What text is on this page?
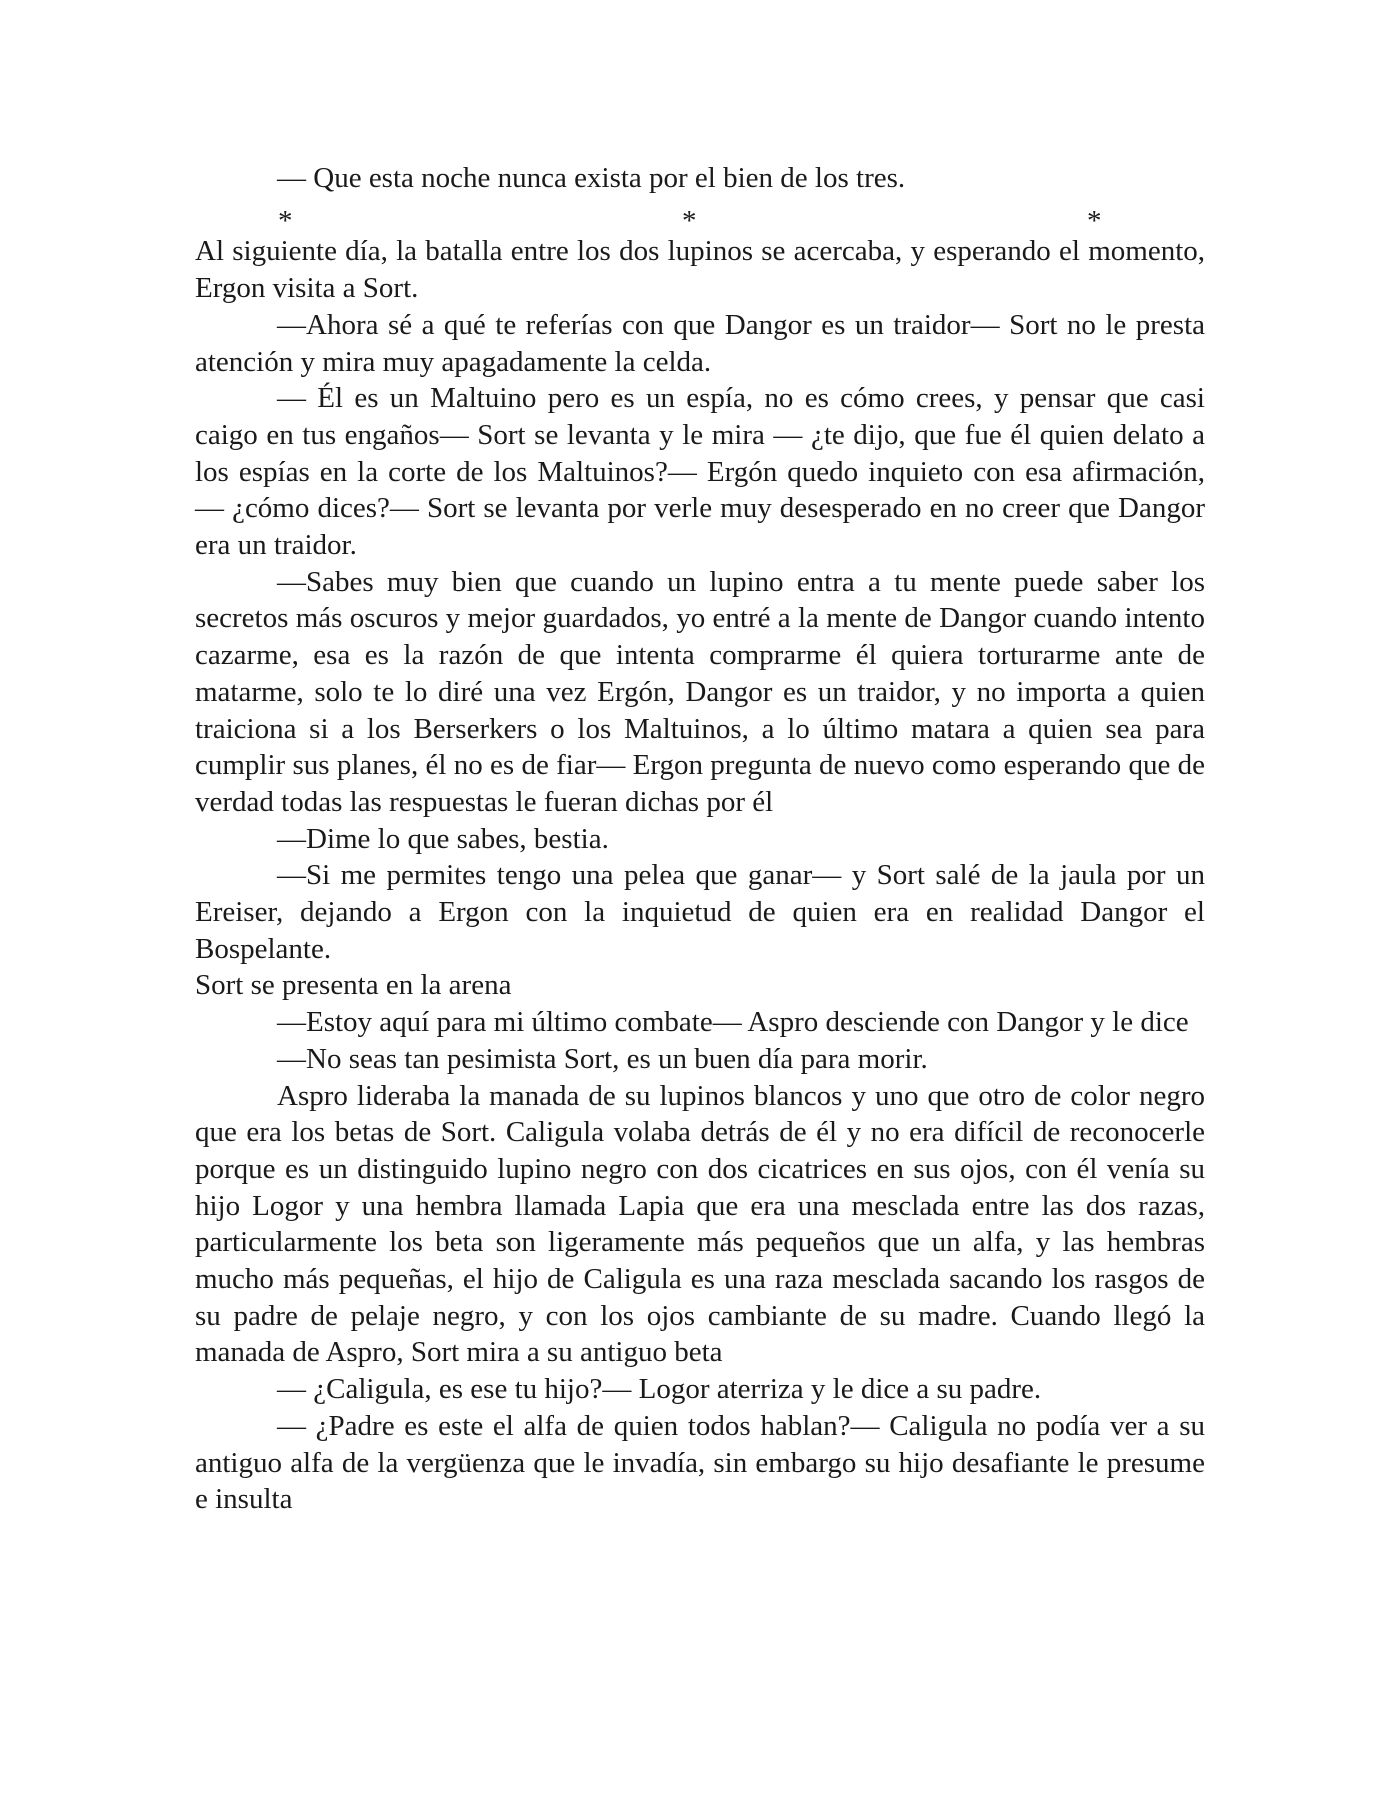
— Que esta noche nunca exista por el bien de los tres.

*	*	*

Al siguiente día, la batalla entre los dos lupinos se acercaba, y esperando el momento, Ergon visita a Sort.

—Ahora sé a qué te referías con que Dangor es un traidor— Sort no le presta atención y mira muy apagadamente la celda.

— Él es un Maltuino pero es un espía, no es cómo crees, y pensar que casi caigo en tus engaños— Sort se levanta y le mira — ¿te dijo, que fue él quien delato a los espías en la corte de los Maltuinos?— Ergón quedo inquieto con esa afirmación, — ¿cómo dices?— Sort se levanta por verle muy desesperado en no creer que Dangor era un traidor.

—Sabes muy bien que cuando un lupino entra a tu mente puede saber los secretos más oscuros y mejor guardados, yo entré a la mente de Dangor cuando intento cazarme, esa es la razón de que intenta comprarme él quiera torturarme ante de matarme, solo te lo diré una vez Ergón, Dangor es un traidor, y no importa a quien traiciona si a los Berserkers o los Maltuinos, a lo último matara a quien sea para cumplir sus planes, él no es de fiar— Ergon pregunta de nuevo como esperando que de verdad todas las respuestas le fueran dichas por él

—Dime lo que sabes, bestia.

—Si me permites tengo una pelea que ganar— y Sort salé de la jaula por un Ereiser, dejando a Ergon con la inquietud de quien era en realidad Dangor el Bospelante.

Sort se presenta en la arena

—Estoy aquí para mi último combate— Aspro desciende con Dangor y le dice

—No seas tan pesimista Sort, es un buen día para morir.

Aspro lideraba la manada de su lupinos blancos y uno que otro de color negro que era los betas de Sort. Caligula volaba detrás de él y no era difícil de reconocerle porque es un distinguido lupino negro con dos cicatrices en sus ojos, con él venía su hijo Logor y una hembra llamada Lapia que era una mesclada entre las dos razas, particularmente los beta son ligeramente más pequeños que un alfa, y las hembras mucho más pequeñas, el hijo de Caligula es una raza mesclada sacando los rasgos de su padre de pelaje negro, y con los ojos cambiante de su madre. Cuando llegó la manada de Aspro, Sort mira a su antiguo beta

— ¿Caligula, es ese tu hijo?— Logor aterriza y le dice a su padre.

— ¿Padre es este el alfa de quien todos hablan?— Caligula no podía ver a su antiguo alfa de la vergüenza que le invadía, sin embargo su hijo desafiante le presume e insulta
